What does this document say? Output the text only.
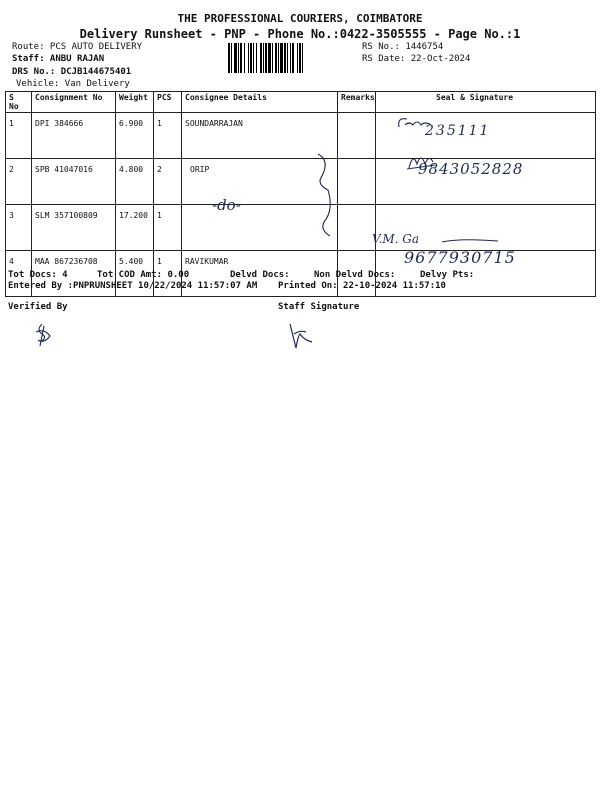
THE PROFESSIONAL COURIERS, COIMBATORE
Delivery Runsheet - PNP - Phone No.:0422-3505555 - Page No.:1
Route: PCS AUTO DELIVERY
Staff: ANBU RAJAN
DRS No.: DCJB144675401
Vehicle: Van Delivery
RS No.: 1446754
RS Date: 22-Oct-2024
S No	Consignment No	Weight	PCS	Consignee Details	Remarks	Seal & Signature
1	DPI 384666	6.900	1	SOUNDARRAJAN		
2	SPB 41047016	4.800	2	ORIP		
3	SLM 357100809	17.200	1			
4	MAA 867236708	5.400	1	RAVIKUMAR		
235111
9843052828
-do-
V.M. Ga
9677930715
Tot Docs: 4	Tot COD Amt: 0.00	Delvd Docs:	Non Delvd Docs:	Delvy Pts:
Entered By :PNPRUNSHEET 10/22/2024 11:57:07 AM Printed On: 22-10-2024 11:57:10
Verified By	Staff Signature
